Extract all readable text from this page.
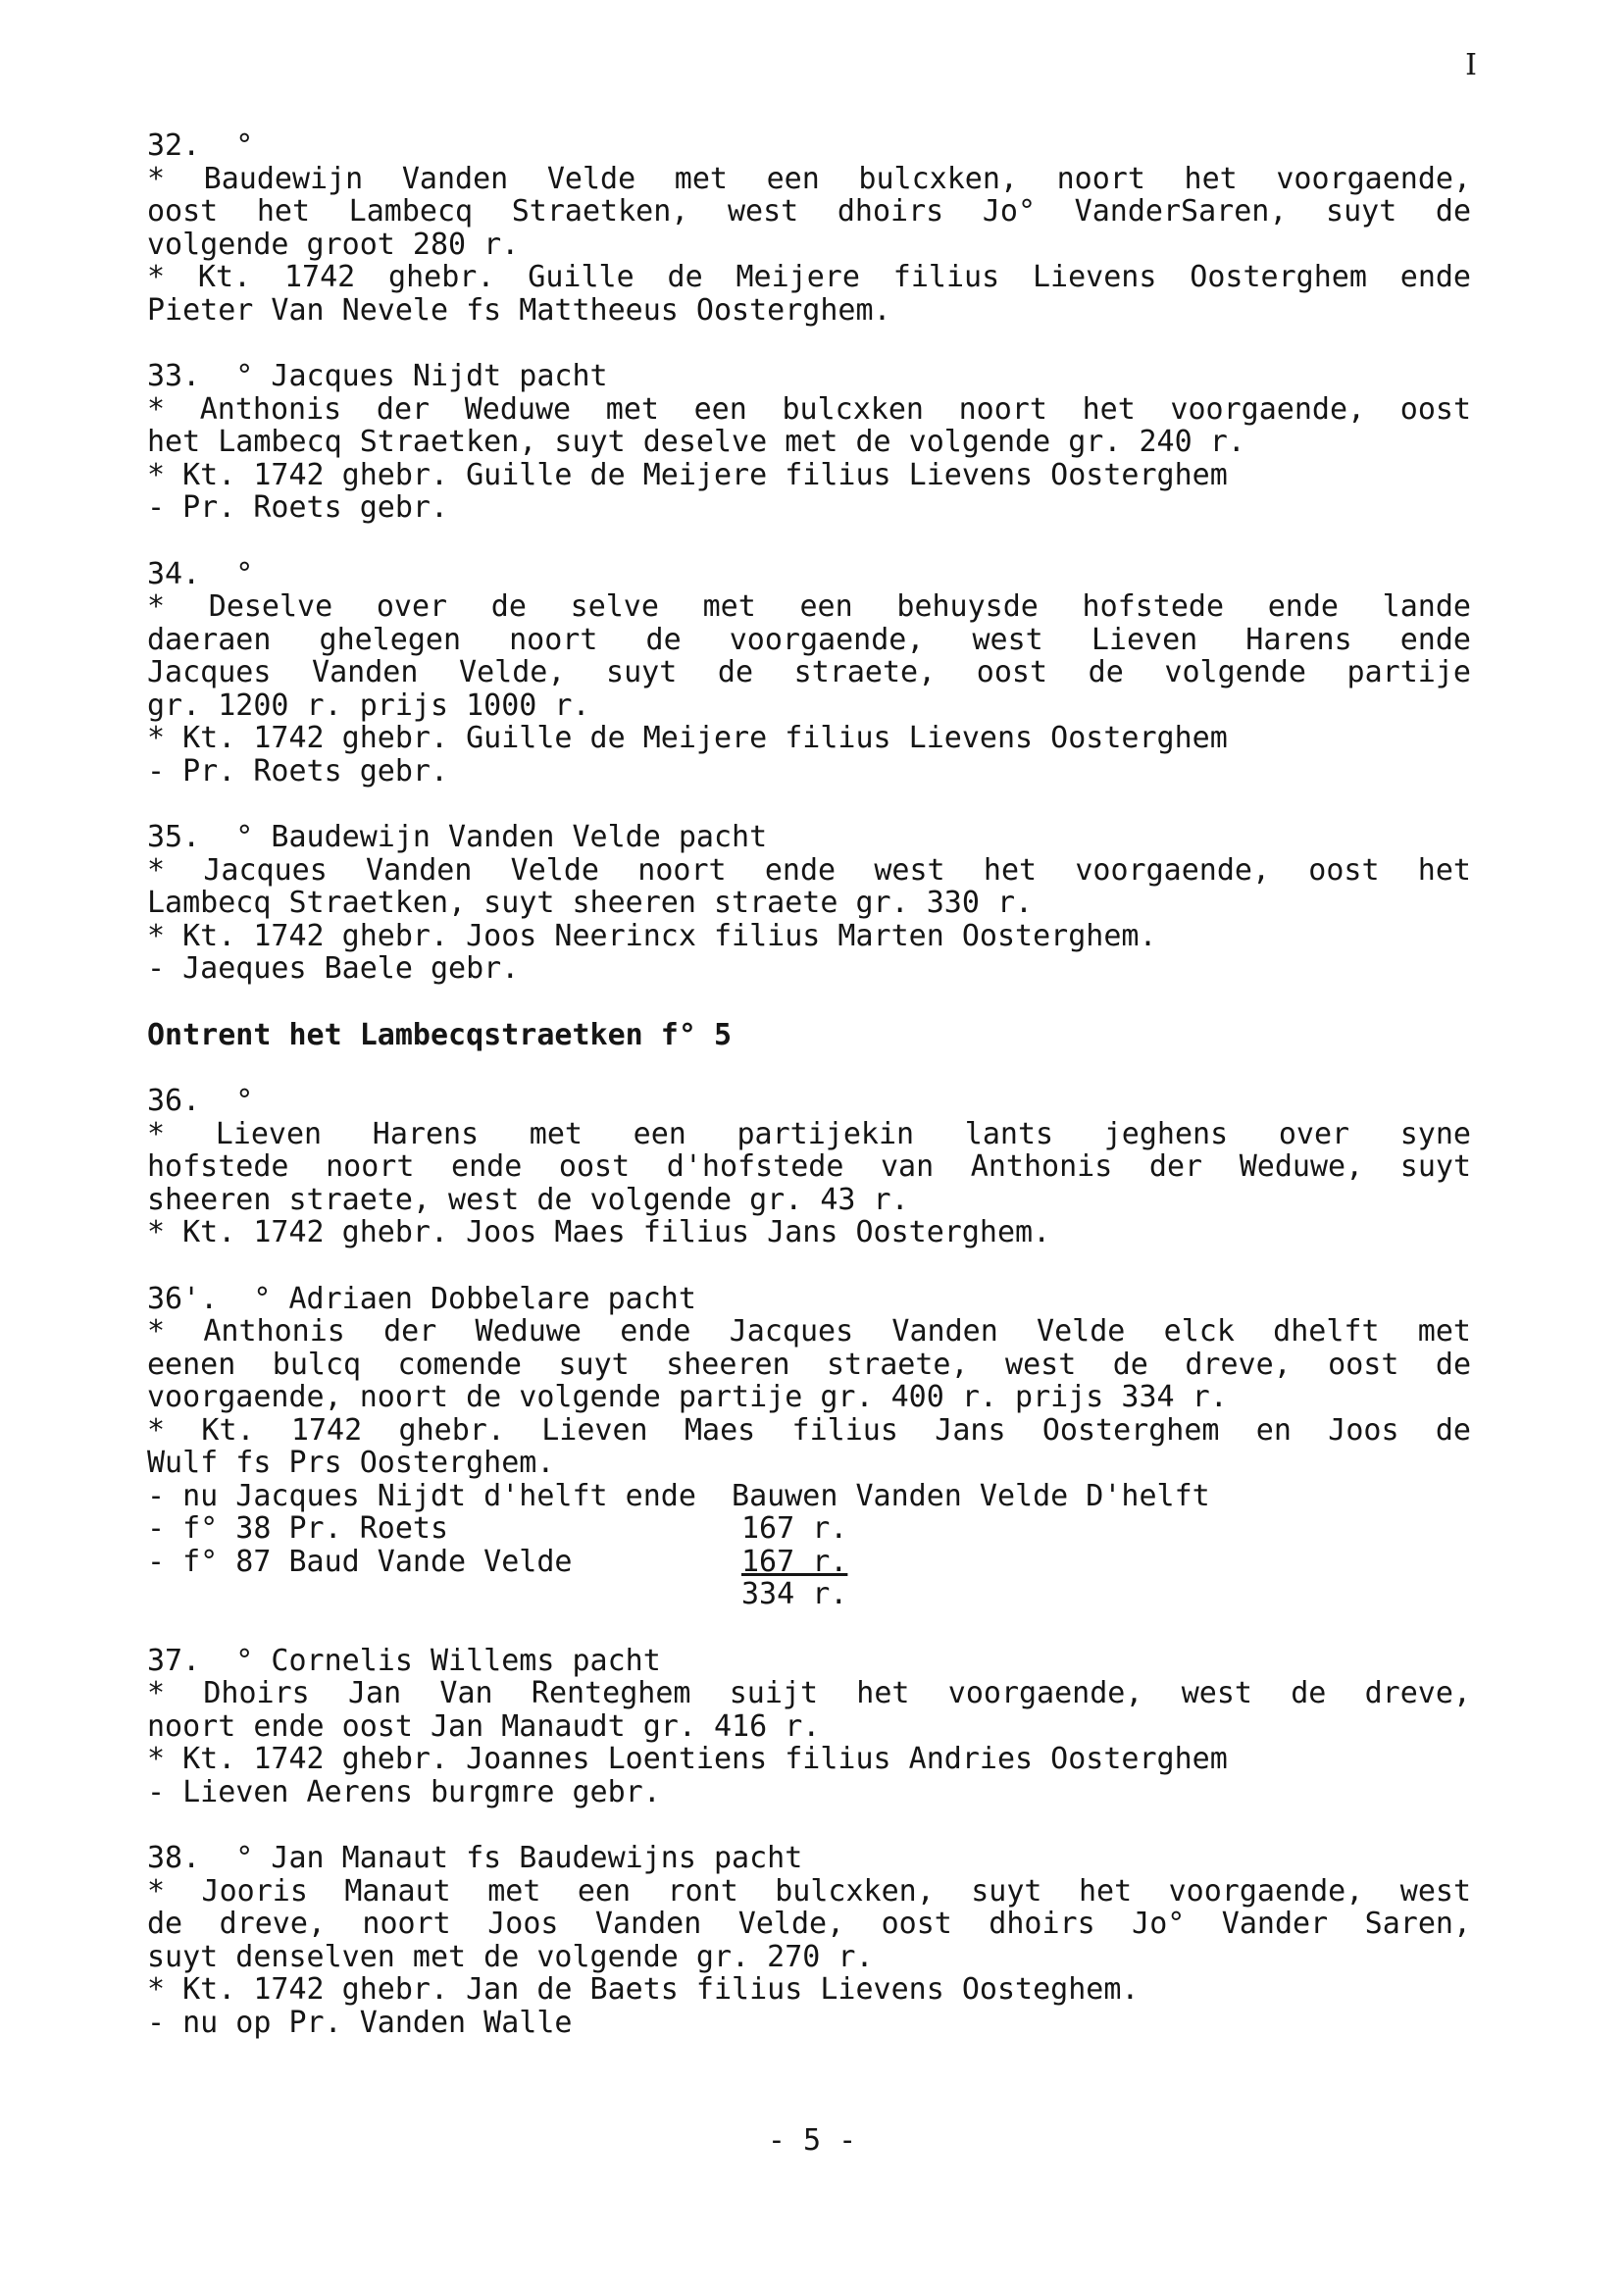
I
32.  °
* Baudewijn Vanden Velde met een bulcxken, noort het voorgaende,
oost het Lambecq Straetken, west dhoirs Jo° VanderSaren, suyt de
volgende groot 280 r.
* Kt. 1742 ghebr. Guille de Meijere filius Lievens Oosterghem ende
Pieter Van Nevele fs Mattheeus Oosterghem.
33.  ° Jacques Nijdt pacht
* Anthonis der Weduwe met een bulcxken noort het voorgaende, oost
het Lambecq Straetken, suyt deselve met de volgende gr. 240 r.
* Kt. 1742 ghebr. Guille de Meijere filius Lievens Oosterghem
- Pr. Roets gebr.
34.  °
* Deselve over de selve met een behuysde hofstede ende lande
daeraen ghelegen noort de voorgaende, west Lieven Harens ende
Jacques Vanden Velde, suyt de straete, oost de volgende partije
gr. 1200 r. prijs 1000 r.
* Kt. 1742 ghebr. Guille de Meijere filius Lievens Oosterghem
- Pr. Roets gebr.
35.  ° Baudewijn Vanden Velde pacht
* Jacques Vanden Velde noort ende west het voorgaende, oost het
Lambecq Straetken, suyt sheeren straete gr. 330 r.
* Kt. 1742 ghebr. Joos Neerincx filius Marten Oosterghem.
- Jaeques Baele gebr.
Ontrent het Lambecqstraetken f° 5
36.  °
* Lieven Harens met een partijekin lants jeghens over syne
hofstede noort ende oost d'hofstede van Anthonis der Weduwe, suyt
sheeren straete, west de volgende gr. 43 r.
* Kt. 1742 ghebr. Joos Maes filius Jans Oosterghem.
36'.  ° Adriaen Dobbelare pacht
* Anthonis der Weduwe ende Jacques Vanden Velde elck dhelft met
eenen bulcq comende suyt sheeren straete, west de dreve, oost de
voorgaende, noort de volgende partije gr. 400 r. prijs 334 r.
* Kt. 1742 ghebr. Lieven Maes filius Jans Oosterghem en Joos de
Wulf fs Prs Oosterghem.
- nu Jacques Nijdt d'helft ende  Bauwen Vanden Velde D'helft
- f° 38 Pr. Roets	167 r.
- f° 87 Baud Vande Velde	167 r.
334 r.
37.  ° Cornelis Willems pacht
* Dhoirs Jan Van Renteghem suijt het voorgaende, west de dreve,
noort ende oost Jan Manaudt gr. 416 r.
* Kt. 1742 ghebr. Joannes Loentiens filius Andries Oosterghem
- Lieven Aerens burgmre gebr.
38.  ° Jan Manaut fs Baudewijns pacht
* Jooris Manaut met een ront bulcxken, suyt het voorgaende, west
de dreve, noort Joos Vanden Velde, oost dhoirs Jo° Vander Saren,
suyt denselven met de volgende gr. 270 r.
* Kt. 1742 ghebr. Jan de Baets filius Lievens Oosteghem.
- nu op Pr. Vanden Walle
- 5 -
